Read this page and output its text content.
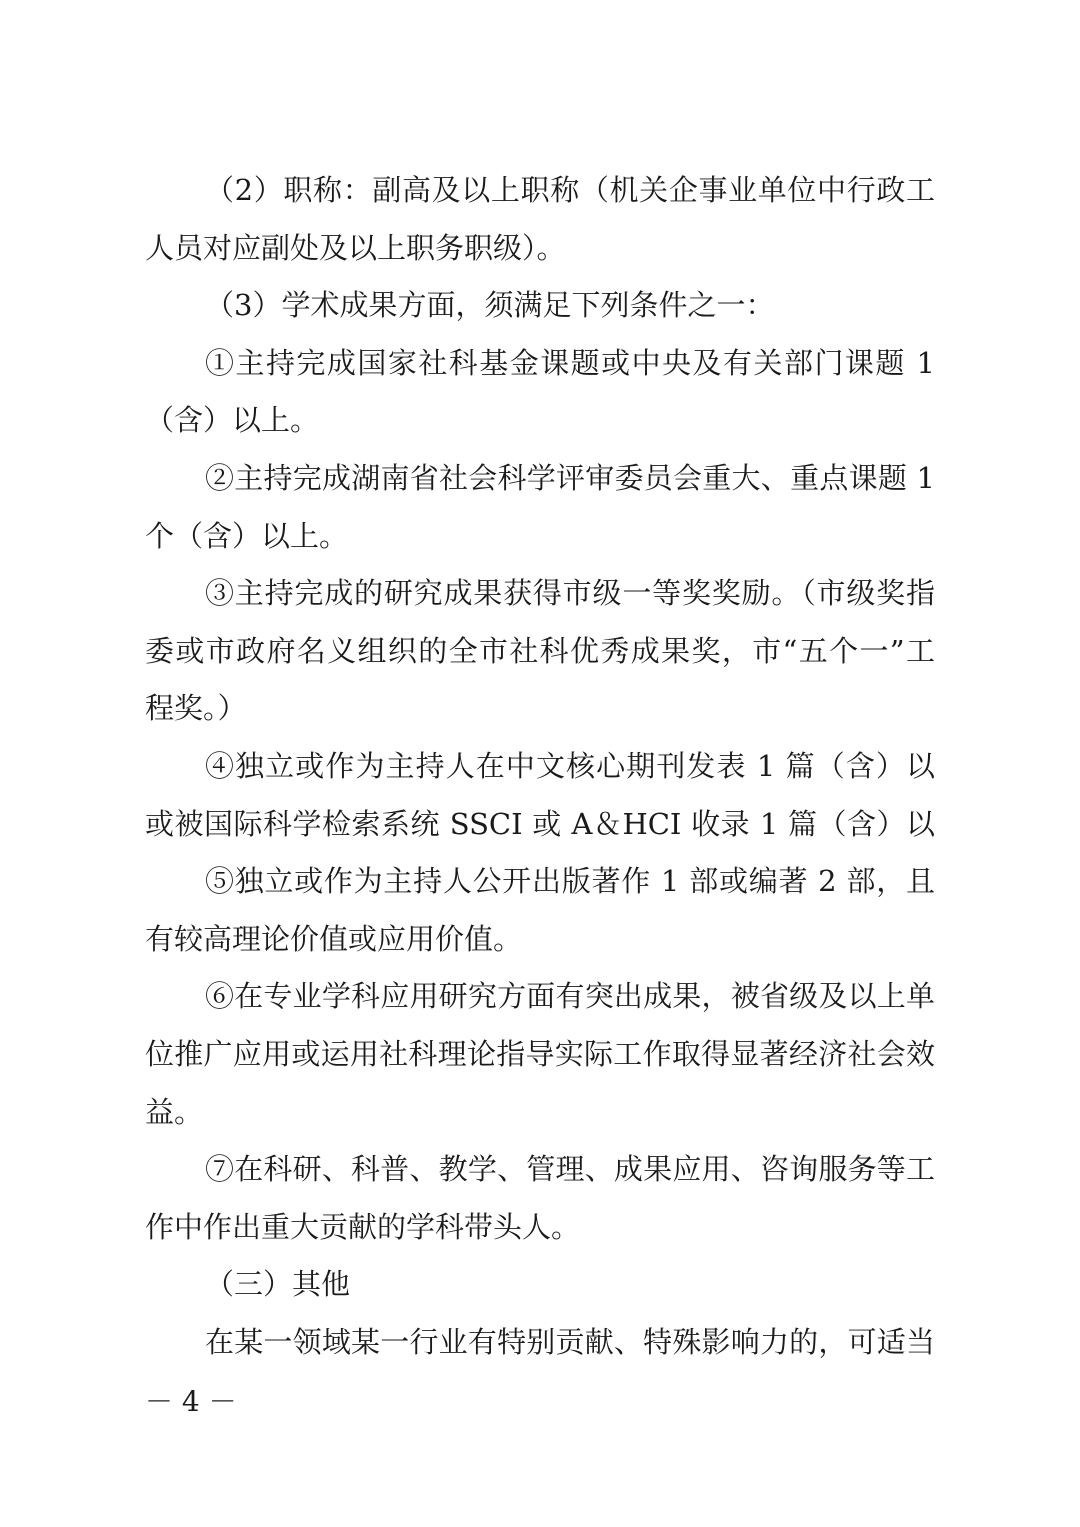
（2）职称：副高及以上职称（机关企事业单位中行政工
人员对应副处及以上职务职级）。
（3）学术成果方面，须满足下列条件之一：
①主持完成国家社科基金课题或中央及有关部门课题 1
（含）以上。
②主持完成湖南省社会科学评审委员会重大、重点课题 1
个（含）以上。
③主持完成的研究成果获得市级一等奖奖励。（市级奖指
委或市政府名义组织的全市社科优秀成果奖，市“五个一”工
程奖。）
④独立或作为主持人在中文核心期刊发表 1 篇（含）以
或被国际科学检索系统 SSCI 或 A＆HCI 收录 1 篇（含）以
⑤独立或作为主持人公开出版著作 1 部或编著 2 部，且
有较高理论价值或应用价值。
⑥在专业学科应用研究方面有突出成果，被省级及以上单
位推广应用或运用社科理论指导实际工作取得显著经济社会效
益。
⑦在科研、科普、教学、管理、成果应用、咨询服务等工
作中作出重大贡献的学科带头人。
（三）其他
在某一领域某一行业有特别贡献、特殊影响力的，可适当
－ 4 －
